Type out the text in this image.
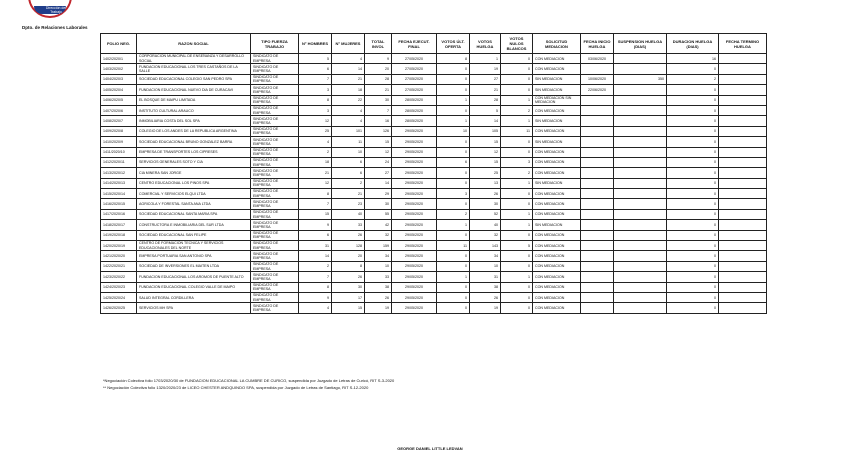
Dirección del
Trabajo
Dpto. de Relaciones Laborales
FOLIO NEG.	RAZON SOCIAL	TIPO FUERZA TRABAJO	N° HOMBRES	N° MUJERES	TOTAL INVOL	FECHA EJECUT. FINAL	VOTOS ÚLT. OFERTA	VOTOS HUELGA	VOTOS NULOS BLANCOS	SOLICITUD MEDIACION	FECHA INICIO HUELGA	SUSPENSION HUELGA (DIAS)	DURACION HUELGA (DIAS)	FECHA TERMINO HUELGA
1402/2020/1	CORPORACION MUNICIPAL DE ENSEÑANZA Y DESARROLLO SOCIAL	SINDICATO DE EMPRESA	5	4	9	27/05/2020	8	1	0	CON MEDIACION	03/06/2020		16	
1403/2020/2	FUNDACION EDUCACIONAL LOS TRES CASTAÑOS DE LA SALLE	SINDICATO DE EMPRESA	6	14	20	27/05/2020	0	19	0	CON MEDIACION			0	
1404/2020/3	SOCIEDAD EDUCACIONAL COLEGIO SAN PEDRO SPA	SINDICATO DE EMPRESA	7	21	28	27/05/2020	0	27	0	SIN MEDIACION	10/06/2020	350	2	
1405/2020/4	FUNDACION EDUCACIONAL NUEVO DIA DE CURACAVI	SINDICATO DE EMPRESA	3	18	21	27/05/2020	0	21	0	SIN MEDIACION	22/06/2020		0	
1406/2020/5	EL BOSQUE DE MAIPU LIMITADA	SINDICATO DE EMPRESA	8	22	30	28/05/2020	1	28	1	CON MEDIACION SIN MEDIACION			0	
1407/2020/6	INSTITUTO CULTURAL ARAUCO	SINDICATO DE EMPRESA	3	4	7	28/05/2020	0	5	2	CON MEDIACION			0	
1408/2020/7	INMOBILIARIA COSTA DEL SOL SPA	SINDICATO DE EMPRESA	12	4	16	28/05/2020	1	14	1	SIN MEDIACION			0	
1409/2020/8	COLEGIO DE LOS ANDES DE LA REPUBLICA ARGENTINA	SINDICATO DE EMPRESA	25	101	126	29/05/2020	10	105	11	CON MEDIACION			0	
1410/2020/9	SOCIEDAD EDUCACIONAL BRUNO GONZALEZ BARRA	SINDICATO DE EMPRESA	4	11	15	29/05/2020	0	15	0	SIN MEDIACION			0	
1411/2020/10	EMPRESA DE TRANSPORTES LOS CIPRESES	SINDICATO DE EMPRESA	2	10	12	29/05/2020	0	12	0	CON MEDIACION			0	
1412/2020/11	SERVICIOS GENERALES SOTO Y CIA	SINDICATO DE EMPRESA	18	6	24	29/05/2020	6	15	3	CON MEDIACION			0	
1413/2020/12	CIA MINERA SAN JORGE	SINDICATO DE EMPRESA	21	6	27	29/05/2020	0	25	2	CON MEDIACION			0	
1414/2020/13	CENTRO EDUCACIONAL LOS PINOS SPA	SINDICATO DE EMPRESA	12	2	14	29/05/2020	0	13	1	SIN MEDIACION			0	
1415/2020/14	COMERCIAL Y SERVICIOS ELQUI LTDA	SINDICATO DE EMPRESA	8	21	29	29/05/2020	3	26	0	CON MEDIACION			0	
1416/2020/15	AGRICOLA Y FORESTAL SANTA ANA LTDA	SINDICATO DE EMPRESA	7	23	30	29/05/2020	0	30	0	CON MEDIACION			0	
1417/2020/16	SOCIEDAD EDUCACIONAL SANTA MARIA SPA	SINDICATO DE EMPRESA	15	40	55	29/05/2020	2	52	1	CON MEDIACION			0	
1418/2020/17	CONSTRUCTORA E INMOBILIARIA DEL SUR LTDA	SINDICATO DE EMPRESA	9	33	42	29/05/2020	1	40	1	SIN MEDIACION			0	
1419/2020/18	SOCIEDAD EDUCACIONAL SAN FELIPE	SINDICATO DE EMPRESA	6	26	32	29/05/2020	0	32	0	CON MEDIACION			0	
1420/2020/19	CENTRO DE FORMACION TECNICA Y SERVICIOS EDUCACIONALES DEL NORTE	SINDICATO DE EMPRESA	31	128	159	29/05/2020	11	143	5	CON MEDIACION			0	
1421/2020/20	EMPRESA PORTUARIA SAN ANTONIO SPA	SINDICATO DE EMPRESA	14	20	34	29/05/2020	0	34	0	CON MEDIACION			0	
1422/2020/21	SOCIEDAD DE INVERSIONES EL MAITEN LTDA	SINDICATO DE EMPRESA	2	8	10	29/05/2020	0	10	0	CON MEDIACION			0	
1423/2020/22	FUNDACION EDUCACIONAL LOS AROMOS DE PUENTE ALTO	SINDICATO DE EMPRESA	7	26	33	29/05/2020	1	31	1	CON MEDIACION			0	
1424/2020/23	FUNDACION EDUCACIONAL COLEGIO VALLE DE MAIPO	SINDICATO DE EMPRESA	8	30	38	29/05/2020	0	38	0	CON MEDIACION			0	
1425/2020/24	SALUD INTEGRAL CORDILLERA	SINDICATO DE EMPRESA	9	17	26	29/05/2020	0	26	0	CON MEDIACION			0	
1426/2020/25	SERVICIOS MH SPA	SINDICATO DE EMPRESA	4	15	19	29/05/2020	0	19	0	CON MEDIACION			0	
*Negociación Colectiva folio 1703/2020/30 de FUNDACION EDUCACIONAL LA CUMBRE DE CURICO, suspendida por Juzgado de Letras de Curicó, RIT S-3-2020
** Negociación Colectiva folio 1320/2020/23 de LICEO CHESTER ANDQUINDO SPA, suspendida por Juzgado de Letras de Santiago, RIT S-12-2020
GEORGE DANIEL LITTLE LEDVAN
